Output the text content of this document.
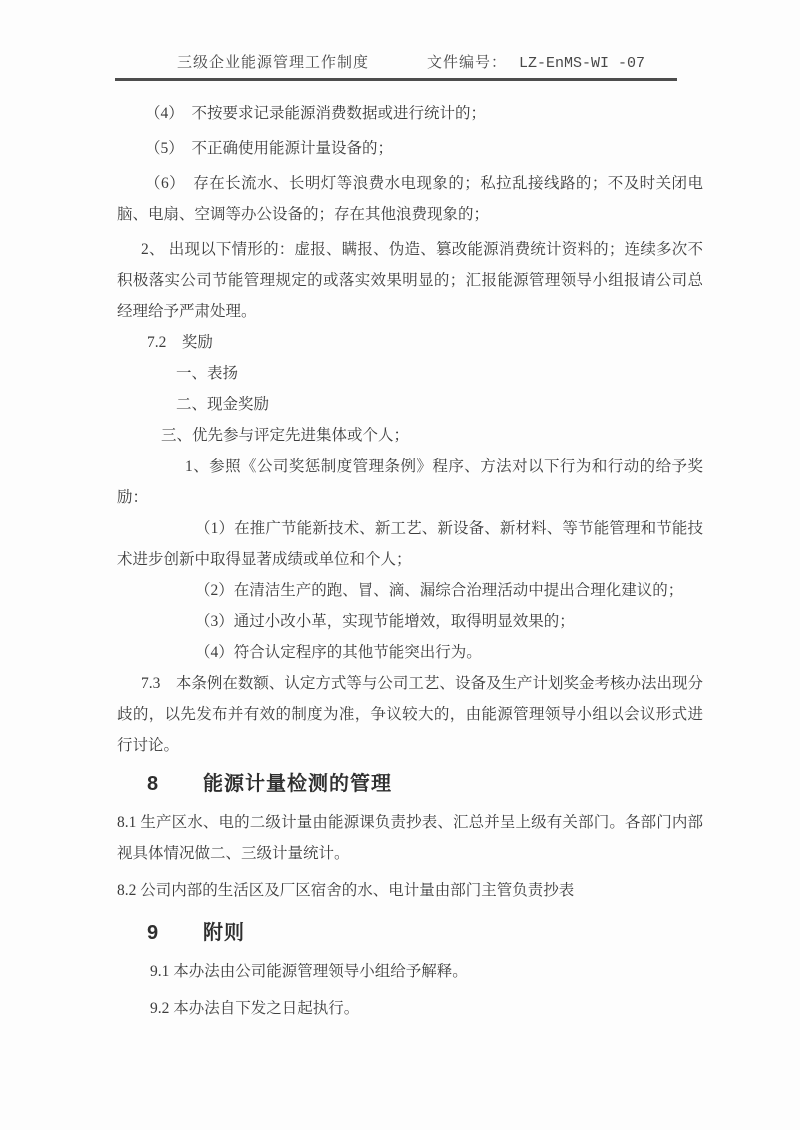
三级企业能源管理工作制度	文件编号： LZ-EnMS-WI -07

（4）　不按要求记录能源消费数据或进行统计的；

（5）　不正确使用能源计量设备的；

（6）　存在长流水、长明灯等浪费水电现象的；私拉乱接线路的；不及时关闭电脑、电扇、空调等办公设备的；存在其他浪费现象的；

2、 出现以下情形的：虚报、瞒报、伪造、篡改能源消费统计资料的；连续多次不积极落实公司节能管理规定的或落实效果明显的；汇报能源管理领导小组报请公司总经理给予严肃处理。

7.2　奖励

一、表扬

二、现金奖励

三、优先参与评定先进集体或个人；

1、参照《公司奖惩制度管理条例》程序、方法对以下行为和行动的给予奖励：

（1）在推广节能新技术、新工艺、新设备、新材料、等节能管理和节能技术进步创新中取得显著成绩或单位和个人；

（2）在清洁生产的跑、冒、滴、漏综合治理活动中提出合理化建议的；

（3）通过小改小革，实现节能增效，取得明显效果的；

（4）符合认定程序的其他节能突出行为。

7.3　本条例在数额、认定方式等与公司工艺、设备及生产计划奖金考核办法出现分歧的，以先发布并有效的制度为准，争议较大的，由能源管理领导小组以会议形式进行讨论。

8 能源计量检测的管理

8.1 生产区水、电的二级计量由能源课负责抄表、汇总并呈上级有关部门。各部门内部视具体情况做二、三级计量统计。

8.2 公司内部的生活区及厂区宿舍的水、电计量由部门主管负责抄表

9 附则

9.1 本办法由公司能源管理领导小组给予解释。

9.2 本办法自下发之日起执行。
